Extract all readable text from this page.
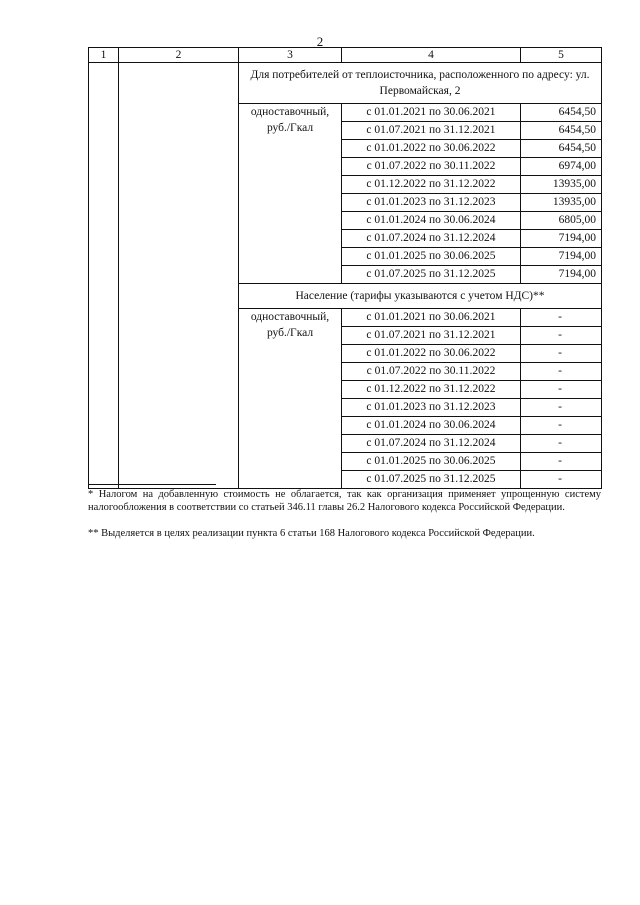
2
1	2	3	4	5
		Для потребителей от теплоисточника, расположенного по адресу: ул. Первомайская, 2		
		одноставочный, руб./Гкал	с 01.01.2021 по 30.06.2021	6454,50
			с 01.07.2021 по 31.12.2021	6454,50
			с 01.01.2022 по 30.06.2022	6454,50
			с 01.07.2022 по 30.11.2022	6974,00
			с 01.12.2022 по 31.12.2022	13935,00
			с 01.01.2023 по 31.12.2023	13935,00
			с 01.01.2024 по 30.06.2024	6805,00
			с 01.07.2024 по 31.12.2024	7194,00
			с 01.01.2025 по 30.06.2025	7194,00
			с 01.07.2025 по 31.12.2025	7194,00
		Население (тарифы указываются с учетом НДС)**		
		одноставочный, руб./Гкал	с 01.01.2021 по 30.06.2021	-
			с 01.07.2021 по 31.12.2021	-
			с 01.01.2022 по 30.06.2022	-
			с 01.07.2022 по 30.11.2022	-
			с 01.12.2022 по 31.12.2022	-
			с 01.01.2023 по 31.12.2023	-
			с 01.01.2024 по 30.06.2024	-
			с 01.07.2024 по 31.12.2024	-
			с 01.01.2025 по 30.06.2025	-
			с 01.07.2025 по 31.12.2025	-
* Налогом на добавленную стоимость не облагается, так как организация применяет упрощенную систему налогообложения в соответствии со статьей 346.11 главы 26.2 Налогового кодекса Российской Федерации.
** Выделяется в целях реализации пункта 6 статьи 168 Налогового кодекса Российской Федерации.
